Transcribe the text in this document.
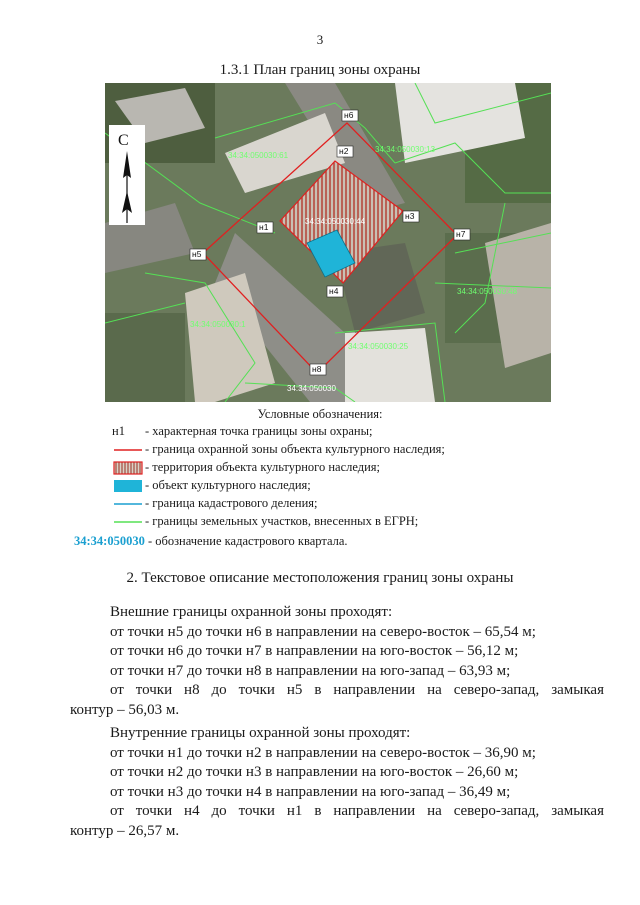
3
1.3.1 План границ зоны охраны
н6
н2
н1
н3
н7
н5
н4
н8
34:34:050030:61
34:34:050030:13
34:34:050030:44
34:34:050030:48
34:34:050030:1
34:34:050030:25
34:34:050030
С
Условные обозначения:
н1 - характерная точка границы зоны охраны;
- граница охранной зоны объекта культурного наследия;
- территория объекта культурного наследия;
- объект культурного наследия;
- граница кадастрового деления;
- границы земельных участков, внесенных в ЕГРН;
34:34:050030 - обозначение кадастрового квартала.
2. Текстовое описание местоположения границ зоны охраны
Внешние границы охранной зоны проходят:
от точки н5 до точки н6 в направлении на северо-восток – 65,54 м;
от точки н6 до точки н7 в направлении на юго-восток – 56,12 м;
от точки н7 до точки н8 в направлении на юго-запад – 63,93 м;
от точки н8 до точки н5 в направлении на северо-запад, замыкая
контур – 56,03 м.
Внутренние границы охранной зоны проходят:
от точки н1 до точки н2 в направлении на северо-восток – 36,90 м;
от точки н2 до точки н3 в направлении на юго-восток – 26,60 м;
от точки н3 до точки н4 в направлении на юго-запад – 36,49 м;
от точки н4 до точки н1 в направлении на северо-запад, замыкая
контур – 26,57 м.
